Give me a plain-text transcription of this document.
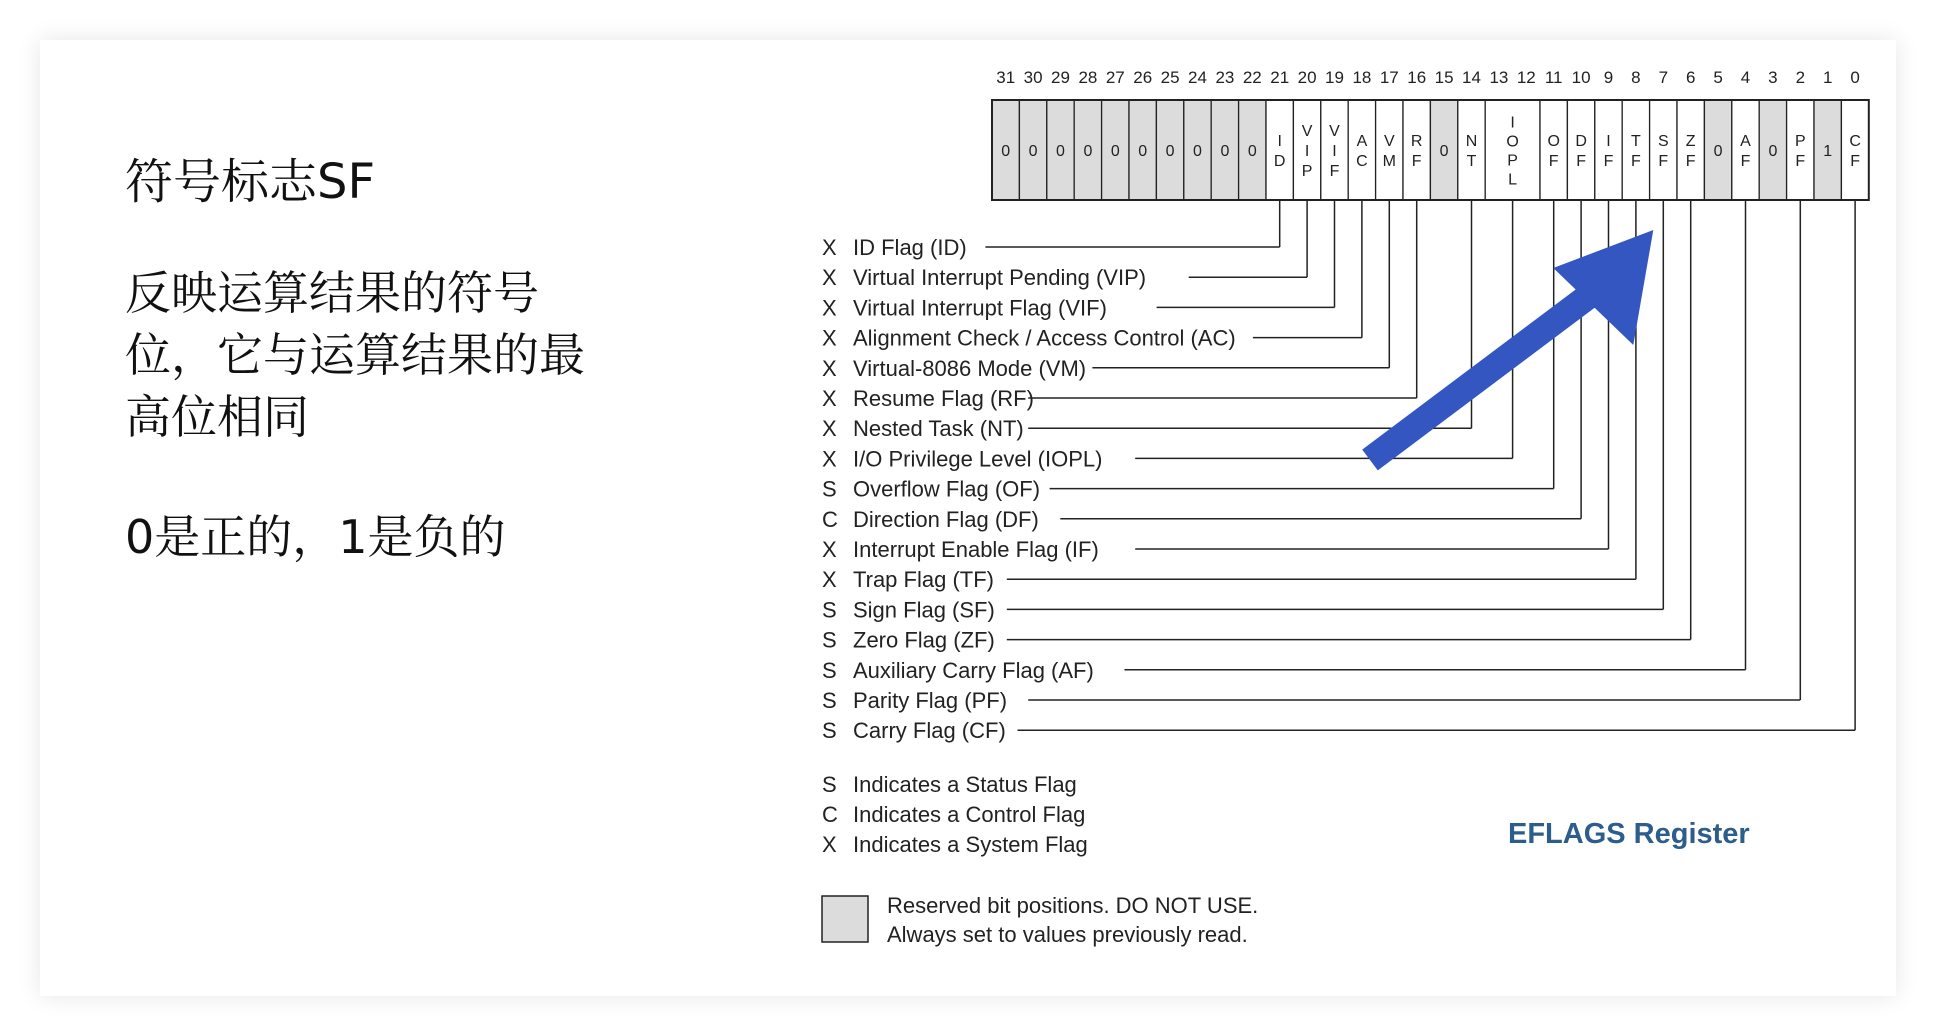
符号标志SF
反映运算结果的符号位，它与运算结果的最高位相同
0是正的，1是负的
31 30 29 28 27 26 25 24 23 22 21 20 19 18 17 16 15 14 13 12 11 10 9 8 7 6 5 4 3 2 1 0
0 0 0 0 0 0 0 0 0 0
I
D
V
I
P
V
I
F
A
C
V
M
R
F
0
N
T
I
O
P
L
O
F
D
F
I
F
T
F
S
F
Z
F
0
A
F
0
P
F
1
C
F
X ID Flag (ID)
X Virtual Interrupt Pending (VIP)
X Virtual Interrupt Flag (VIF)
X Alignment Check / Access Control (AC)
X Virtual-8086 Mode (VM)
X Resume Flag (RF)
X Nested Task (NT)
X I/O Privilege Level (IOPL)
S Overflow Flag (OF)
C Direction Flag (DF)
X Interrupt Enable Flag (IF)
X Trap Flag (TF)
S Sign Flag (SF)
S Zero Flag (ZF)
S Auxiliary Carry Flag (AF)
S Parity Flag (PF)
S Carry Flag (CF)
S Indicates a Status Flag
C Indicates a Control Flag
X Indicates a System Flag
Reserved bit positions. DO NOT USE.
Always set to values previously read.
EFLAGS Register
